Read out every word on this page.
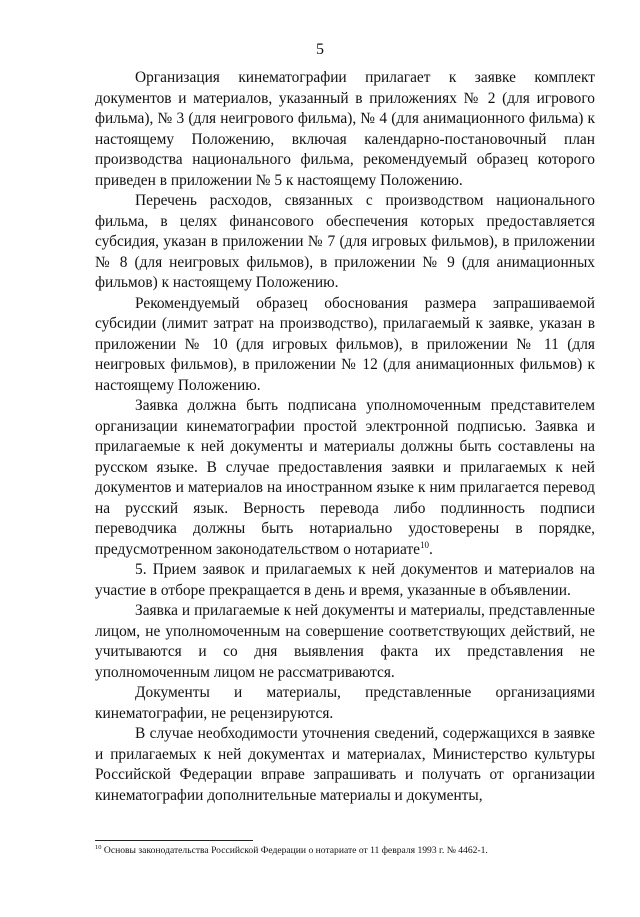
5

Организация кинематографии прилагает к заявке комплект документов и материалов, указанный в приложениях № 2 (для игрового фильма), № 3 (для неигрового фильма), № 4 (для анимационного фильма) к настоящему Положению, включая календарно-постановочный план производства национального фильма, рекомендуемый образец которого приведен в приложении № 5 к настоящему Положению.

Перечень расходов, связанных с производством национального фильма, в целях финансового обеспечения которых предоставляется субсидия, указан в приложении № 7 (для игровых фильмов), в приложении № 8 (для неигровых фильмов), в приложении № 9 (для анимационных фильмов) к настоящему Положению.

Рекомендуемый образец обоснования размера запрашиваемой субсидии (лимит затрат на производство), прилагаемый к заявке, указан в приложении № 10 (для игровых фильмов), в приложении № 11 (для неигровых фильмов), в приложении № 12 (для анимационных фильмов) к настоящему Положению.

Заявка должна быть подписана уполномоченным представителем организации кинематографии простой электронной подписью. Заявка и прилагаемые к ней документы и материалы должны быть составлены на русском языке. В случае предоставления заявки и прилагаемых к ней документов и материалов на иностранном языке к ним прилагается перевод на русский язык. Верность перевода либо подлинность подписи переводчика должны быть нотариально удостоверены в порядке, предусмотренном законодательством о нотариате$^{10}$.

5. Прием заявок и прилагаемых к ней документов и материалов на участие в отборе прекращается в день и время, указанные в объявлении.

Заявка и прилагаемые к ней документы и материалы, представленные лицом, не уполномоченным на совершение соответствующих действий, не учитываются и со дня выявления факта их представления не уполномоченным лицом не рассматриваются.

Документы и материалы, представленные организациями кинематографии, не рецензируются.

В случае необходимости уточнения сведений, содержащихся в заявке и прилагаемых к ней документах и материалах, Министерство культуры Российской Федерации вправе запрашивать и получать от организации кинематографии дополнительные материалы и документы,

$^{10}$ Основы законодательства Российской Федерации о нотариате от 11 февраля 1993 г. № 4462-1.
